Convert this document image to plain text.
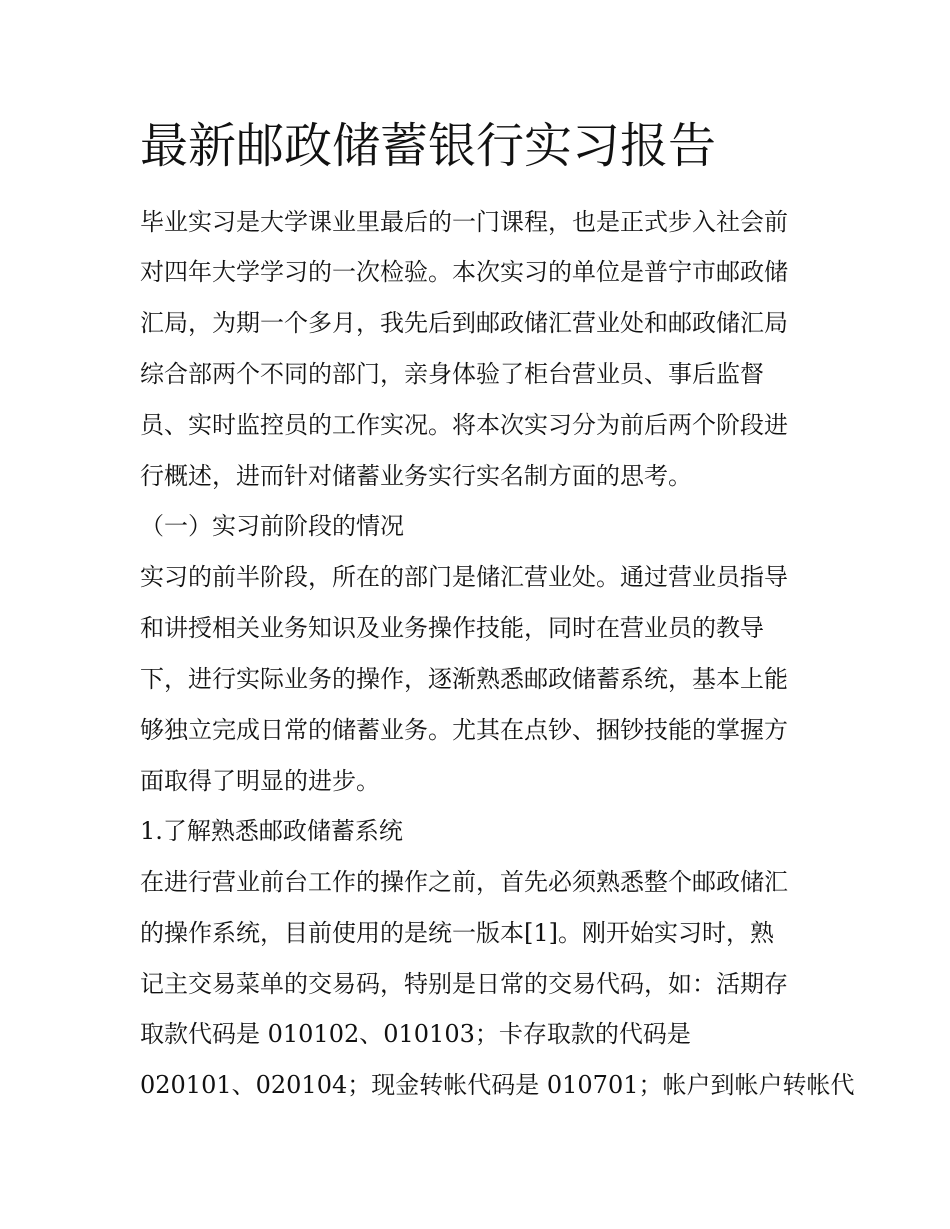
最新邮政储蓄银行实习报告
毕业实习是大学课业里最后的一门课程，也是正式步入社会前
对四年大学学习的一次检验。本次实习的单位是普宁市邮政储
汇局，为期一个多月，我先后到邮政储汇营业处和邮政储汇局
综合部两个不同的部门，亲身体验了柜台营业员、事后监督
员、实时监控员的工作实况。将本次实习分为前后两个阶段进
行概述，进而针对储蓄业务实行实名制方面的思考。
（一）实习前阶段的情况
实习的前半阶段，所在的部门是储汇营业处。通过营业员指导
和讲授相关业务知识及业务操作技能，同时在营业员的教导
下，进行实际业务的操作，逐渐熟悉邮政储蓄系统，基本上能
够独立完成日常的储蓄业务。尤其在点钞、捆钞技能的掌握方
面取得了明显的进步。
1.了解熟悉邮政储蓄系统
在进行营业前台工作的操作之前，首先必须熟悉整个邮政储汇
的操作系统，目前使用的是统一版本[1]。刚开始实习时，熟
记主交易菜单的交易码，特别是日常的交易代码，如：活期存
取款代码是 010102、010103；卡存取款的代码是
020101、020104；现金转帐代码是 010701；帐户到帐户转帐代
